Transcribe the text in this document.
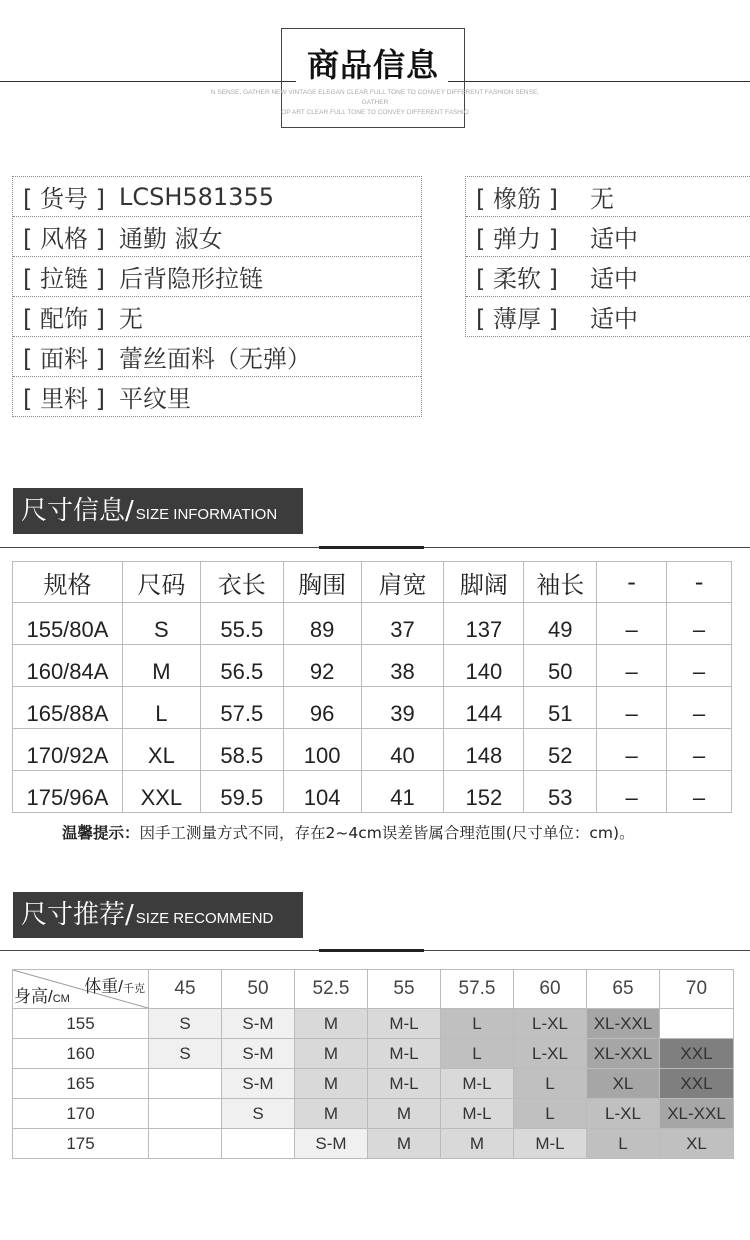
商品信息
N SENSE, GATHER NEW VINTAGE ELEGAN CLEAR FULL TONE TO CONVEY DIFFERENT FASHION SENSE, GATHER
OP ART CLEAR FULL TONE TO CONVEY DIFFERENT FASHIO
[ 货号 ] LCSH581355
[ 风格 ] 通勤 淑女
[ 拉链 ] 后背隐形拉链
[ 配饰 ] 无
[ 面料 ] 蕾丝面料（无弹）
[ 里料 ] 平纹里
[ 橡筋 ] 无
[ 弹力 ] 适中
[ 柔软 ] 适中
[ 薄厚 ] 适中
尺寸信息/ SIZE INFORMATION
规格	尺码	衣长	胸围	肩宽	脚阔	袖长	-	-
155/80A	S	55.5	89	37	137	49	–	–
160/84A	M	56.5	92	38	140	50	–	–
165/88A	L	57.5	96	39	144	51	–	–
170/92A	XL	58.5	100	40	148	52	–	–
175/96A	XXL	59.5	104	41	152	53	–	–
温馨提示：因手工测量方式不同，存在2~4cm误差皆属合理范围(尺寸单位：cm)。
尺寸推荐/ SIZE RECOMMEND
体重/千克
身高/CM	45	50	52.5	55	57.5	60	65	70
155	S	S-M	M	M-L	L	L-XL	XL-XXL	
160	S	S-M	M	M-L	L	L-XL	XL-XXL	XXL
165		S-M	M	M-L	M-L	L	XL	XXL
170		S	M	M	M-L	L	L-XL	XL-XXL
175			S-M	M	M	M-L	L	XL
